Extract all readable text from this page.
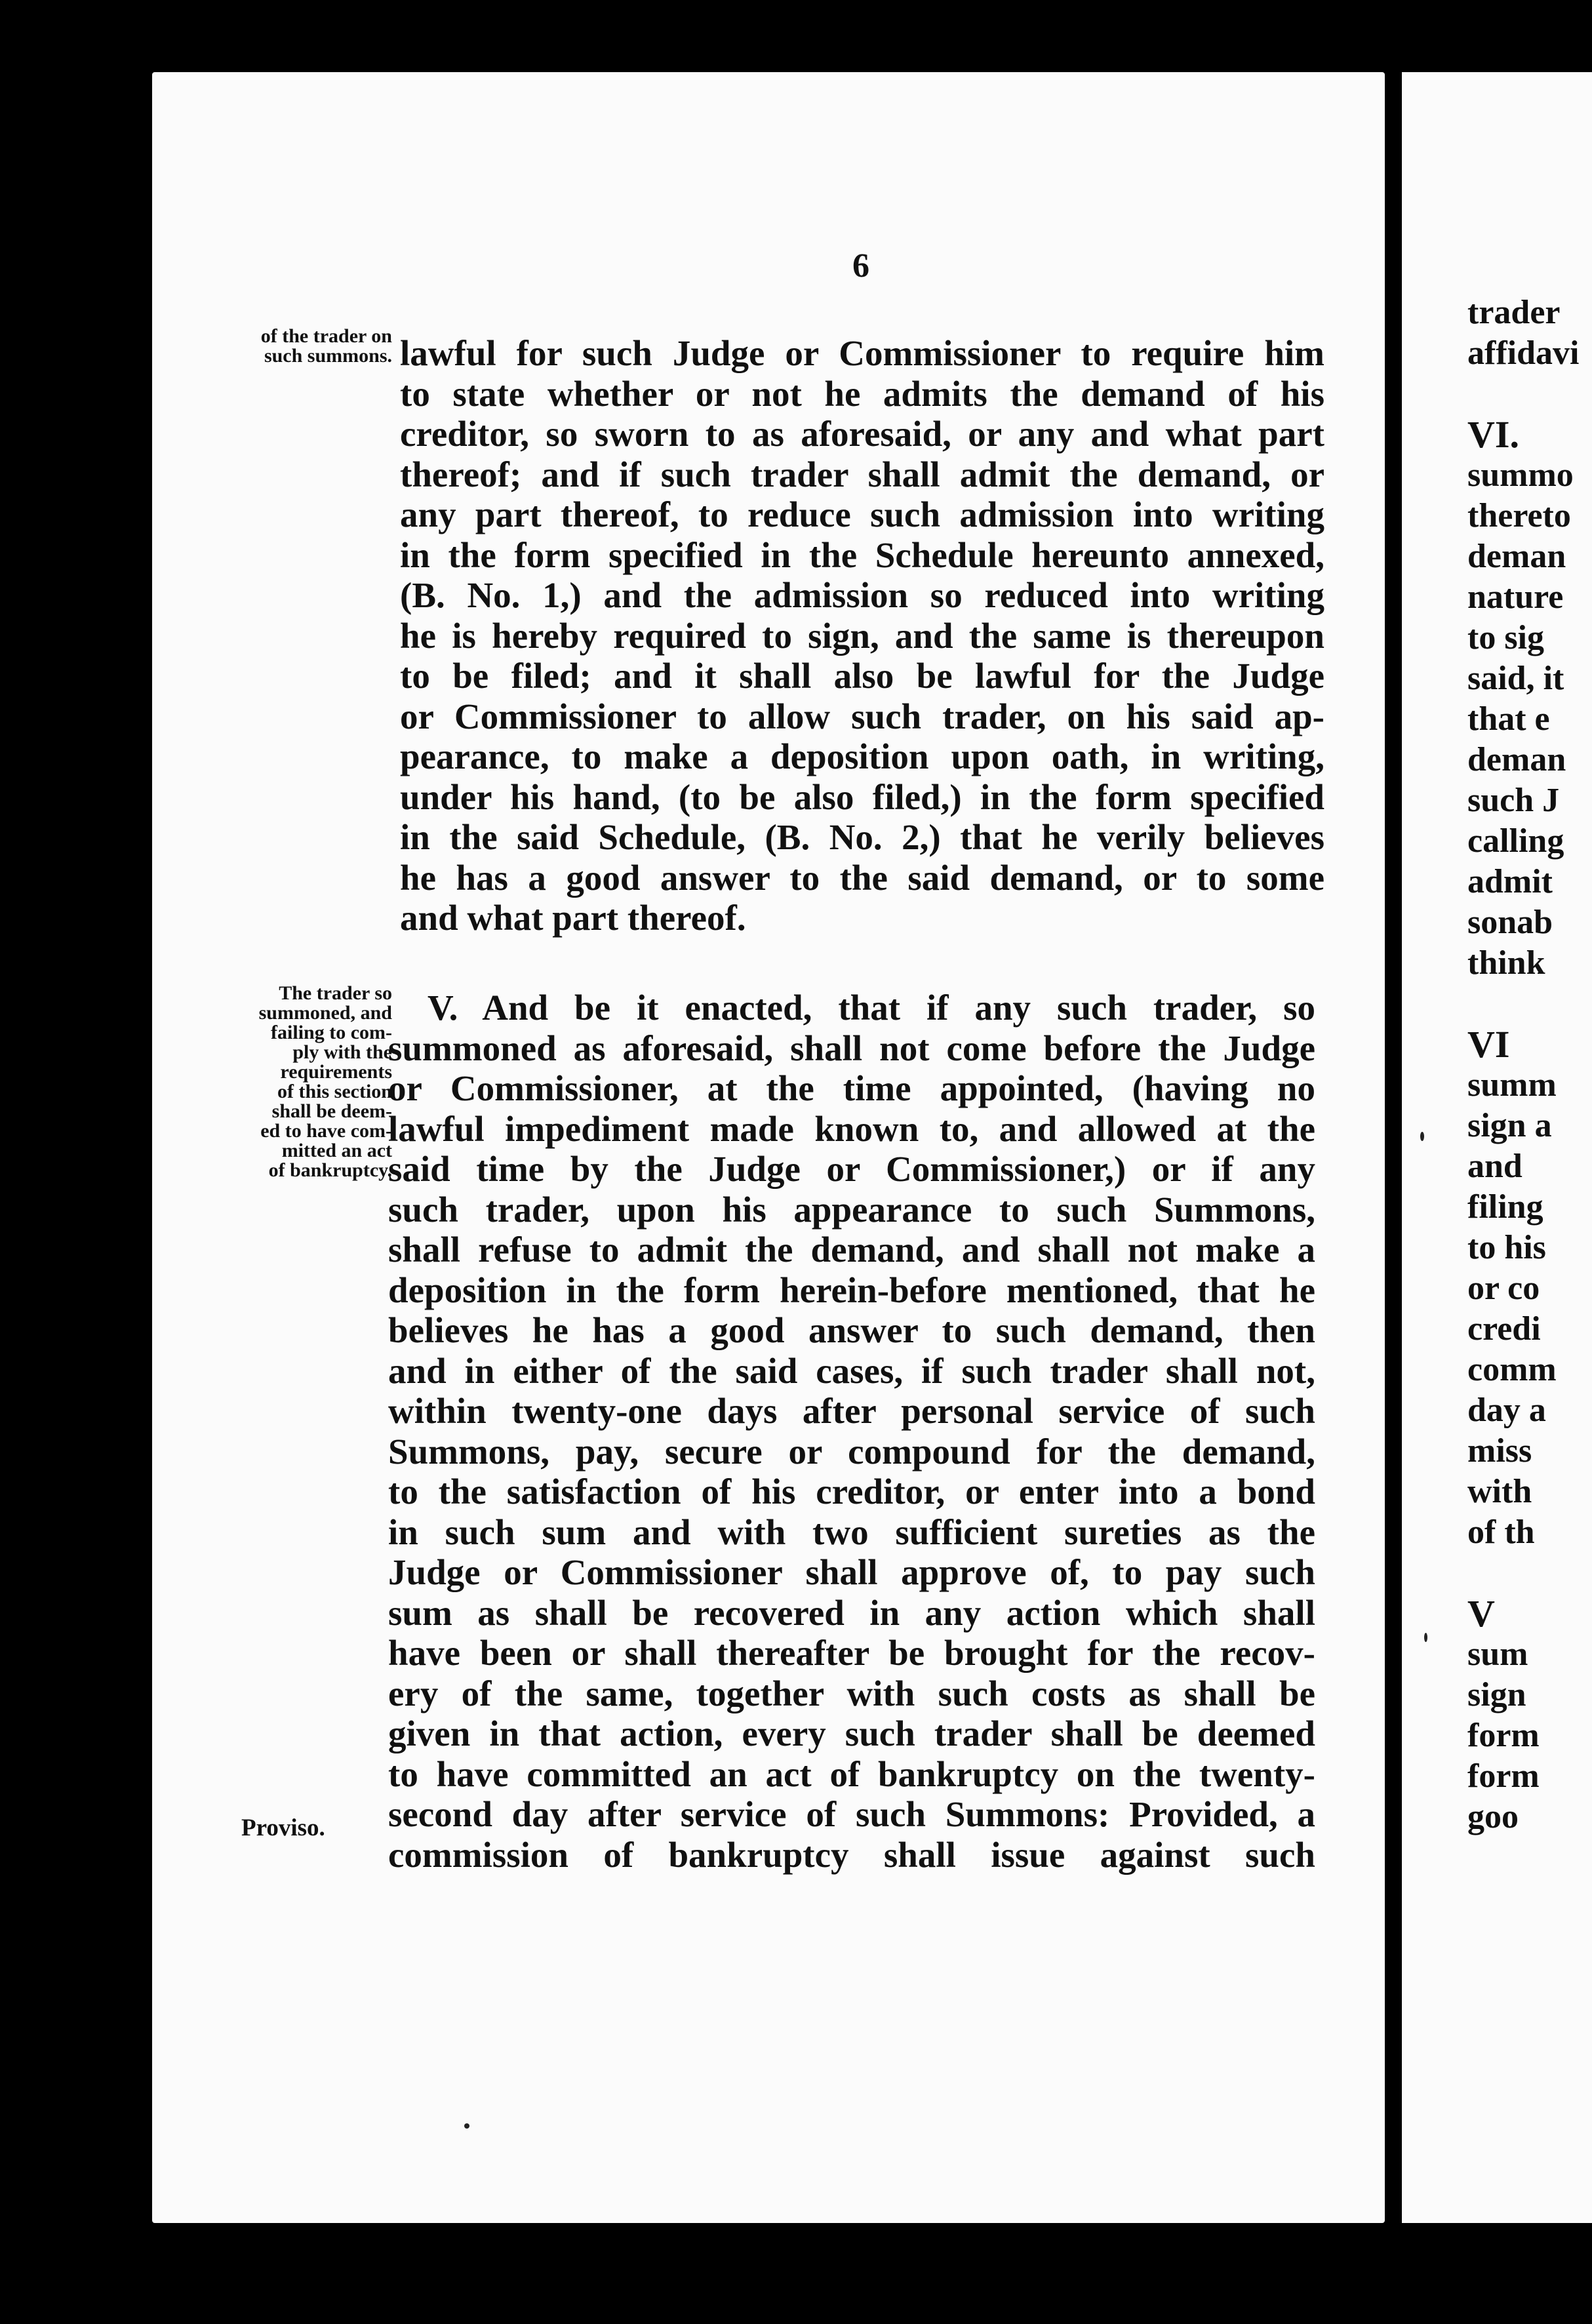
6
of the trader on
such summons.
The trader so
summoned, and
failing to com-
ply with the
requirements
of this section
shall be deem-
ed to have com-
mitted an act
of bankruptcy.
Proviso.
lawful for such Judge or Commissioner to require him
to state whether or not he admits the demand of his
creditor, so sworn to as aforesaid, or any and what part
thereof; and if such trader shall admit the demand, or
any part thereof, to reduce such admission into writing
in the form specified in the Schedule hereunto annexed,
(B. No. 1,) and the admission so reduced into writing
he is hereby required to sign, and the same is thereupon
to be filed; and it shall also be lawful for the Judge
or Commissioner to allow such trader, on his said ap-
pearance, to make a deposition upon oath, in writing,
under his hand, (to be also filed,) in the form specified
in the said Schedule, (B. No. 2,) that he verily believes
he has a good answer to the said demand, or to some
and what part thereof.
V. And be it enacted, that if any such trader, so
summoned as aforesaid, shall not come before the Judge
or Commissioner, at the time appointed, (having no
lawful impediment made known to, and allowed at the
said time by the Judge or Commissioner,) or if any
such trader, upon his appearance to such Summons,
shall refuse to admit the demand, and shall not make a
deposition in the form herein-before mentioned, that he
believes he has a good answer to such demand, then
and in either of the said cases, if such trader shall not,
within twenty-one days after personal service of such
Summons, pay, secure or compound for the demand,
to the satisfaction of his creditor, or enter into a bond
in such sum and with two sufficient sureties as the
Judge or Commissioner shall approve of, to pay such
sum as shall be recovered in any action which shall
have been or shall thereafter be brought for the recov-
ery of the same, together with such costs as shall be
given in that action, every such trader shall be deemed
to have committed an act of bankruptcy on the twenty-
second day after service of such Summons: Provided, a
commission of bankruptcy shall issue against such
trader
affidavi

VI.
summo
thereto
deman
nature
to sig
said, it
that e
deman
such J
calling
admit
sonab
think

VI
summ
sign a
and
filing
to his
or co
credi
comm
day a
miss
with
of th

V
sum
sign
form
form
goo
